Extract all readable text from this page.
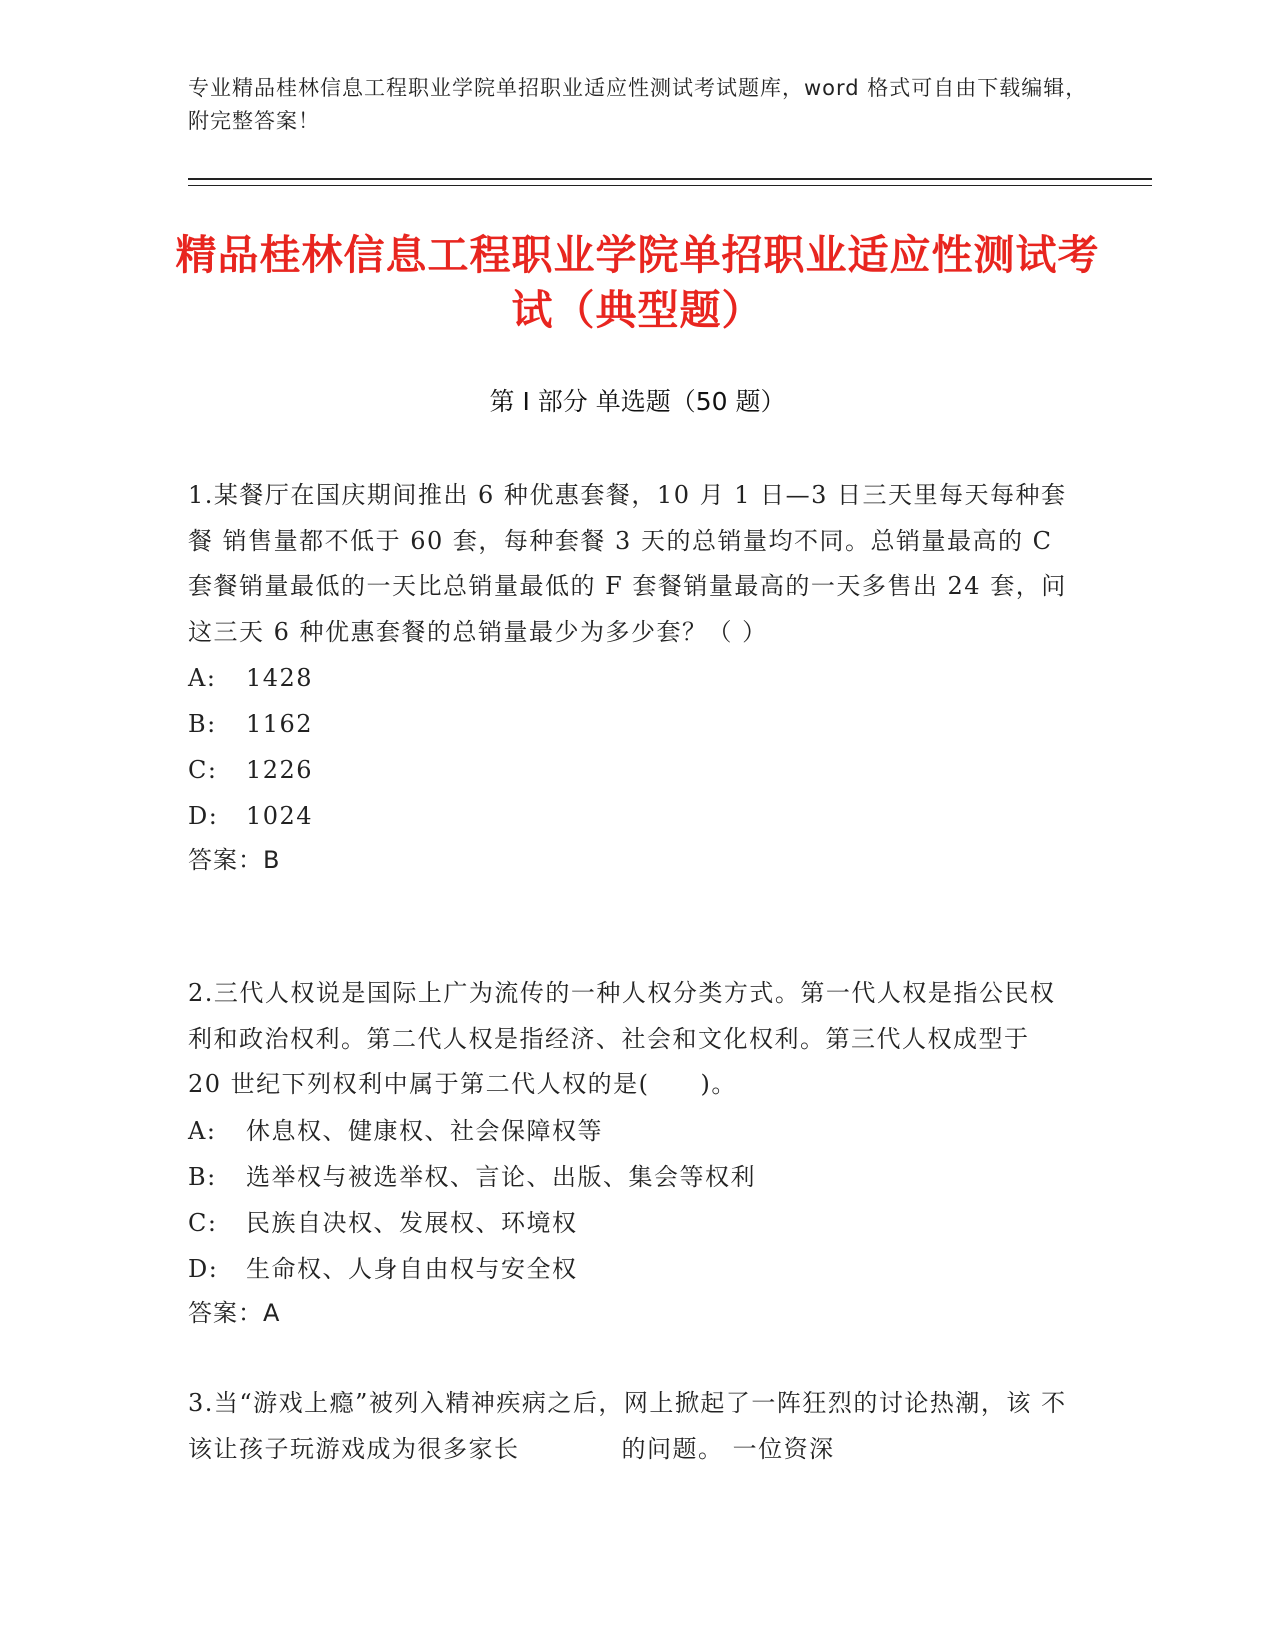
专业精品桂林信息工程职业学院单招职业适应性测试考试题库，word 格式可自由下载编辑，附完整答案！
精品桂林信息工程职业学院单招职业适应性测试考试（典型题）
第 I 部分 单选题（50 题）
1.某餐厅在国庆期间推出 6 种优惠套餐，10 月 1 日—3 日三天里每天每种套餐 销售量都不低于 60 套，每种套餐 3 天的总销量均不同。总销量最高的 C 套餐销量最低的一天比总销量最低的 F 套餐销量最高的一天多售出 24 套，问这三天 6 种优惠套餐的总销量最少为多少套？（ ）
A: 1428
B: 1162
C: 1226
D: 1024
答案：B
2.三代人权说是国际上广为流传的一种人权分类方式。第一代人权是指公民权 利和政治权利。第二代人权是指经济、社会和文化权利。第三代人权成型于 20 世纪下列权利中属于第二代人权的是(　　)。
A: 休息权、健康权、社会保障权等
B: 选举权与被选举权、言论、出版、集会等权利
C: 民族自决权、发展权、环境权
D: 生命权、人身自由权与安全权
答案：A
3.当“游戏上瘾”被列入精神疾病之后，网上掀起了一阵狂烈的讨论热潮，该 不该让孩子玩游戏成为很多家长　　　　的问题。 一位资深
